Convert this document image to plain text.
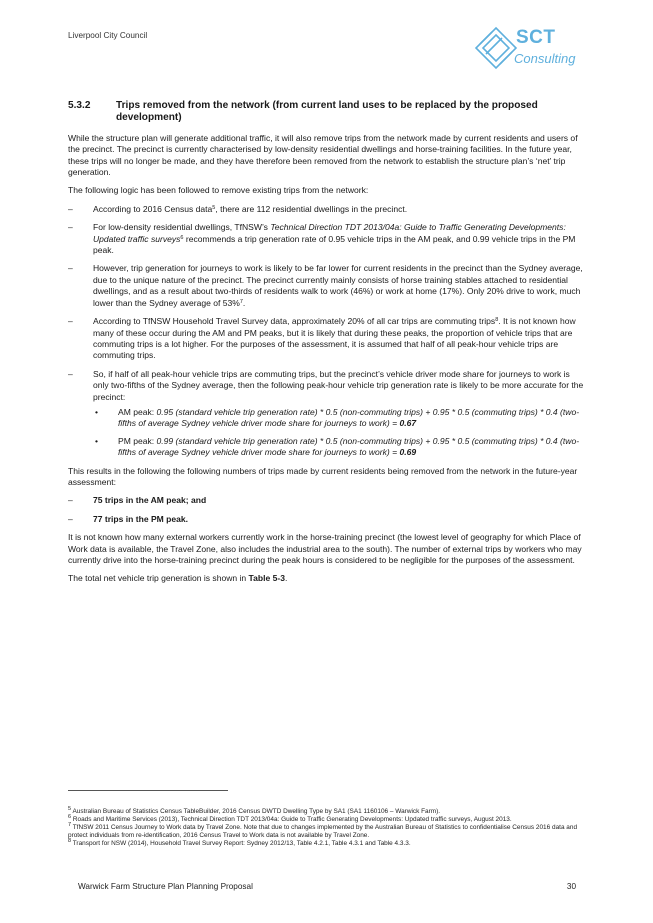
Liverpool City Council	SCT
Consulting
5.3.2	Trips removed from the network (from current land uses to be replaced by the proposed development)

While the structure plan will generate additional traffic, it will also remove trips from the network made by current residents and users of the precinct. The precinct is currently characterised by low-density residential dwellings and horse-training facilities. In the future year, these trips will no longer be made, and they have therefore been removed from the network to establish the structure plan’s ‘net’ trip generation.

The following logic has been followed to remove existing trips from the network:

–	According to 2016 Census data$^5$, there are 112 residential dwellings in the precinct.
–	For low-density residential dwellings, TfNSW’s Technical Direction TDT 2013/04a: Guide to Traffic Generating Developments: Updated traffic surveys$^6$ recommends a trip generation rate of 0.95 vehicle trips in the AM peak, and 0.99 vehicle trips in the PM peak.
–	However, trip generation for journeys to work is likely to be far lower for current residents in the precinct than the Sydney average, due to the unique nature of the precinct. The precinct currently mainly consists of horse training stables attached to residential dwellings, and as a result about two-thirds of residents walk to work (46%) or work at home (17%). Only 20% drive to work, much lower than the Sydney average of 53%$^7$.
–	According to TfNSW Household Travel Survey data, approximately 20% of all car trips are commuting trips$^8$. It is not known how many of these occur during the AM and PM peaks, but it is likely that during these peaks, the proportion of vehicle trips that are commuting trips is a lot higher. For the purposes of the assessment, it is assumed that half of all peak-hour vehicle trips are commuting trips.
–	So, if half of all peak-hour vehicle trips are commuting trips, but the precinct’s vehicle driver mode share for journeys to work is only two-fifths of the Sydney average, then the following peak-hour vehicle trip generation rate is likely to be more accurate for the precinct:
•	AM peak: 0.95 (standard vehicle trip generation rate) * 0.5 (non-commuting trips) + 0.95 * 0.5 (commuting trips) * 0.4 (two-fifths of average Sydney vehicle driver mode share for journeys to work) = 0.67
•	PM peak: 0.99 (standard vehicle trip generation rate) * 0.5 (non-commuting trips) + 0.95 * 0.5 (commuting trips) * 0.4 (two-fifths of average Sydney vehicle driver mode share for journeys to work) = 0.69

This results in the following the following numbers of trips made by current residents being removed from the network in the future-year assessment:

–	75 trips in the AM peak; and
–	77 trips in the PM peak.

It is not known how many external workers currently work in the horse-training precinct (the lowest level of geography for which Place of Work data is available, the Travel Zone, also includes the industrial area to the south). The number of external trips by workers who may currently drive into the horse-training precinct during the peak hours is considered to be negligible for the purposes of the assessment.

The total net vehicle trip generation is shown in Table 5-3.

$^5$ Australian Bureau of Statistics Census TableBuilder, 2016 Census DWTD Dwelling Type by SA1 (SA1 1160106 – Warwick Farm).
$^6$ Roads and Maritime Services (2013), Technical Direction TDT 2013/04a: Guide to Traffic Generating Developments: Updated traffic surveys, August 2013.
$^7$ TfNSW 2011 Census Journey to Work data by Travel Zone. Note that due to changes implemented by the Australian Bureau of Statistics to confidentialise Census 2016 data and protect individuals from re-identification, 2016 Census Travel to Work data is not available by Travel Zone.
$^8$ Transport for NSW (2014), Household Travel Survey Report: Sydney 2012/13, Table 4.2.1, Table 4.3.1 and Table 4.3.3.
Warwick Farm Structure Plan Planning Proposal	30
